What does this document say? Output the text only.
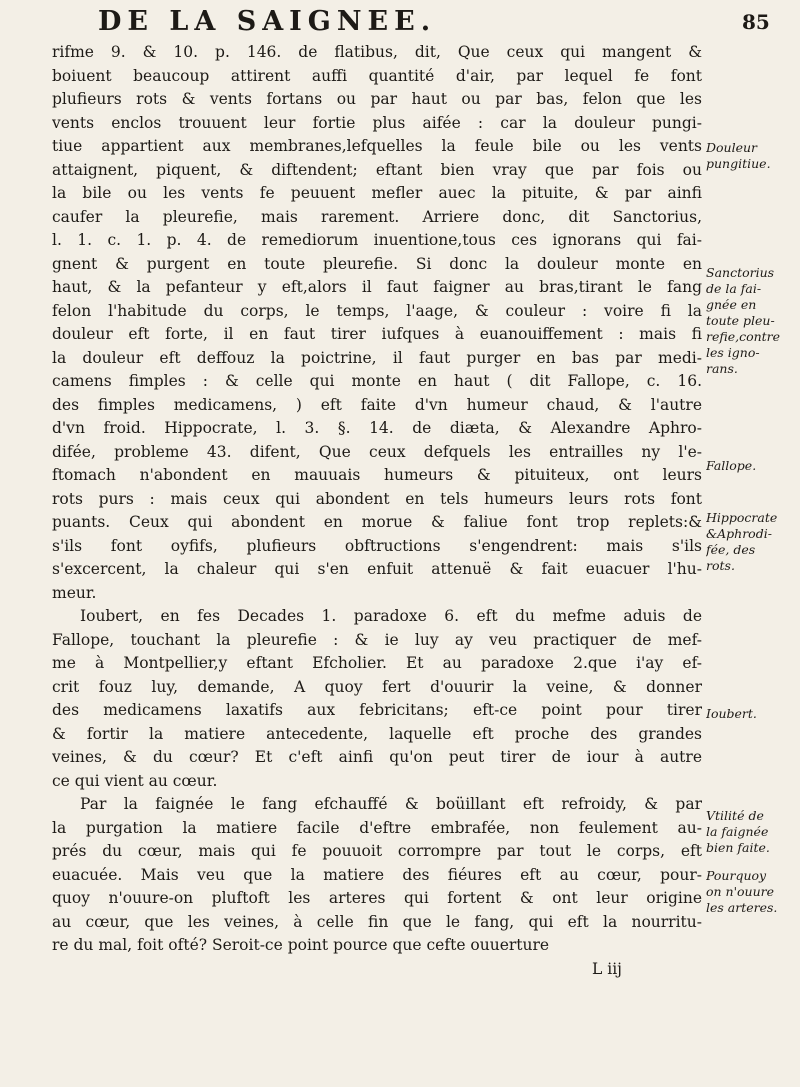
DE LA SAIGNEE.	85
rifme 9. & 10. p. 146. de flatibus, dit, Que ceux qui mangent &
boiuent beaucoup attirent auffi quantité d'air, par lequel fe font
plufieurs rots & vents fortans ou par haut ou par bas, felon que les
vents enclos trouuent leur fortie plus aifée : car la douleur pungi-
tiue appartient aux membranes,lefquelles la feule bile ou les vents
attaignent, piquent, & diftendent; eftant bien vray que par fois ou
la bile ou les vents fe peuuent mefler auec la pituite, & par ainfi
caufer la pleurefie, mais rarement. Arriere donc, dit Sanctorius,
l. 1. c. 1. p. 4. de remediorum inuentione,tous ces ignorans qui fai-
gnent & purgent en toute pleurefie. Si donc la douleur monte en
haut, & la pefanteur y eft,alors il faut faigner au bras,tirant le fang
felon l'habitude du corps, le temps, l'aage, & couleur : voire fi la
douleur eft forte, il en faut tirer iufques à euanouiffement : mais fi
la douleur eft deffouz la poictrine, il faut purger en bas par medi-
camens fimples : & celle qui monte en haut ( dit Fallope, c. 16.
des fimples medicamens, ) eft faite d'vn humeur chaud, & l'autre
d'vn froid. Hippocrate, l. 3. §. 14. de diæta, & Alexandre Aphro-
difée, probleme 43. difent, Que ceux defquels les entrailles ny l'e-
ftomach n'abondent en mauuais humeurs & pituiteux, ont leurs
rots purs : mais ceux qui abondent en tels humeurs leurs rots font
puants. Ceux qui abondent en morue & faliue font trop replets:&
s'ils font oyfifs, plufieurs obftructions s'engendrent: mais s'ils
s'excercent, la chaleur qui s'en enfuit attenuë & fait euacuer l'hu-
meur.
Ioubert, en fes Decades 1. paradoxe 6. eft du mefme aduis de
Fallope, touchant la pleurefie : & ie luy ay veu practiquer de mef-
me à Montpellier,y eftant Efcholier. Et au paradoxe 2.que i'ay ef-
crit fouz luy, demande, A quoy fert d'ouurir la veine, & donner
des medicamens laxatifs aux febricitans; eft-ce point pour tirer
& fortir la matiere antecedente, laquelle eft proche des grandes
veines, & du cœur? Et c'eft ainfi qu'on peut tirer de iour à autre
ce qui vient au cœur.
Par la faignée le fang efchauffé & boüillant eft refroidy, & par
la purgation la matiere facile d'eftre embrafée, non feulement au-
prés du cœur, mais qui fe pouuoit corrompre par tout le corps, eft
euacuée. Mais veu que la matiere des fiéures eft au cœur, pour-
quoy n'ouure-on pluftoft les arteres qui fortent & ont leur origine
au cœur, que les veines, à celle fin que le fang, qui eft la nourritu-
re du mal, foit ofté? Seroit-ce point pource que cefte ouuerture
L iij
Douleur
pungitiue.
Sanctorius
de la fai-
gnée en
toute pleu-
refie,contre
les igno-
rans.
Fallope.
Hippocrate
&Aphrodi-
fée, des
rots.
Ioubert.
Vtilité de
la faignée
bien faite.
Pourquoy
on n'ouure
les arteres.
